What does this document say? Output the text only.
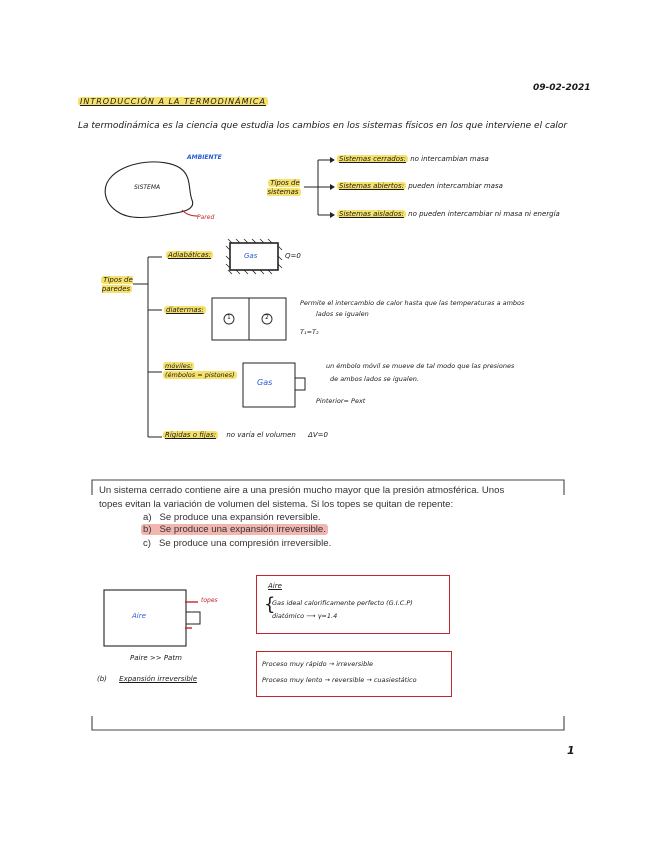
09-02-2021
INTRODUCCIÓN A LA TERMODINÁMICA
La termodinámica es la ciencia que estudia los cambios en los sistemas físicos en los que interviene el calor
AMBIENTE
SISTEMA
Pared
Tipos de sistemas
Sistemas cerrados: no intercambian masa
Sistemas abiertos: pueden intercambiar masa
Sistemas aislados: no pueden intercambiar ni masa ni energía
Tipos de paredes
Adiabáticas:	Gas	Q=0
diatermas:
1	2
Permite el intercambio de calor hasta que las temperaturas a ambos
lados se igualen
T₁=T₂
móviles:
(émbolos = pistones)
Gas
un émbolo móvil se mueve de tal modo que las presiones
de ambos lados se igualen.
Pinterior= Pext
Rígidas o fijas: no varía el volumen ΔV=0
Un sistema cerrado contiene aire a una presión mucho mayor que la presión atmosférica. Unos
topes evitan la variación de volumen del sistema. Si los topes se quitan de repente:
a) Se produce una expansión reversible.
b) Se produce una expansión irreversible.
c) Se produce una compresión irreversible.
Aire
topes
Paire >> Patm
(b) Expansión irreversible
Aire
{
Gas ideal calorificamente perfecto (G.I.C.P)
diatómico ⟶ γ=1.4
Proceso muy rápido → irreversible
Proceso muy lento → reversible → cuasiestático
1
